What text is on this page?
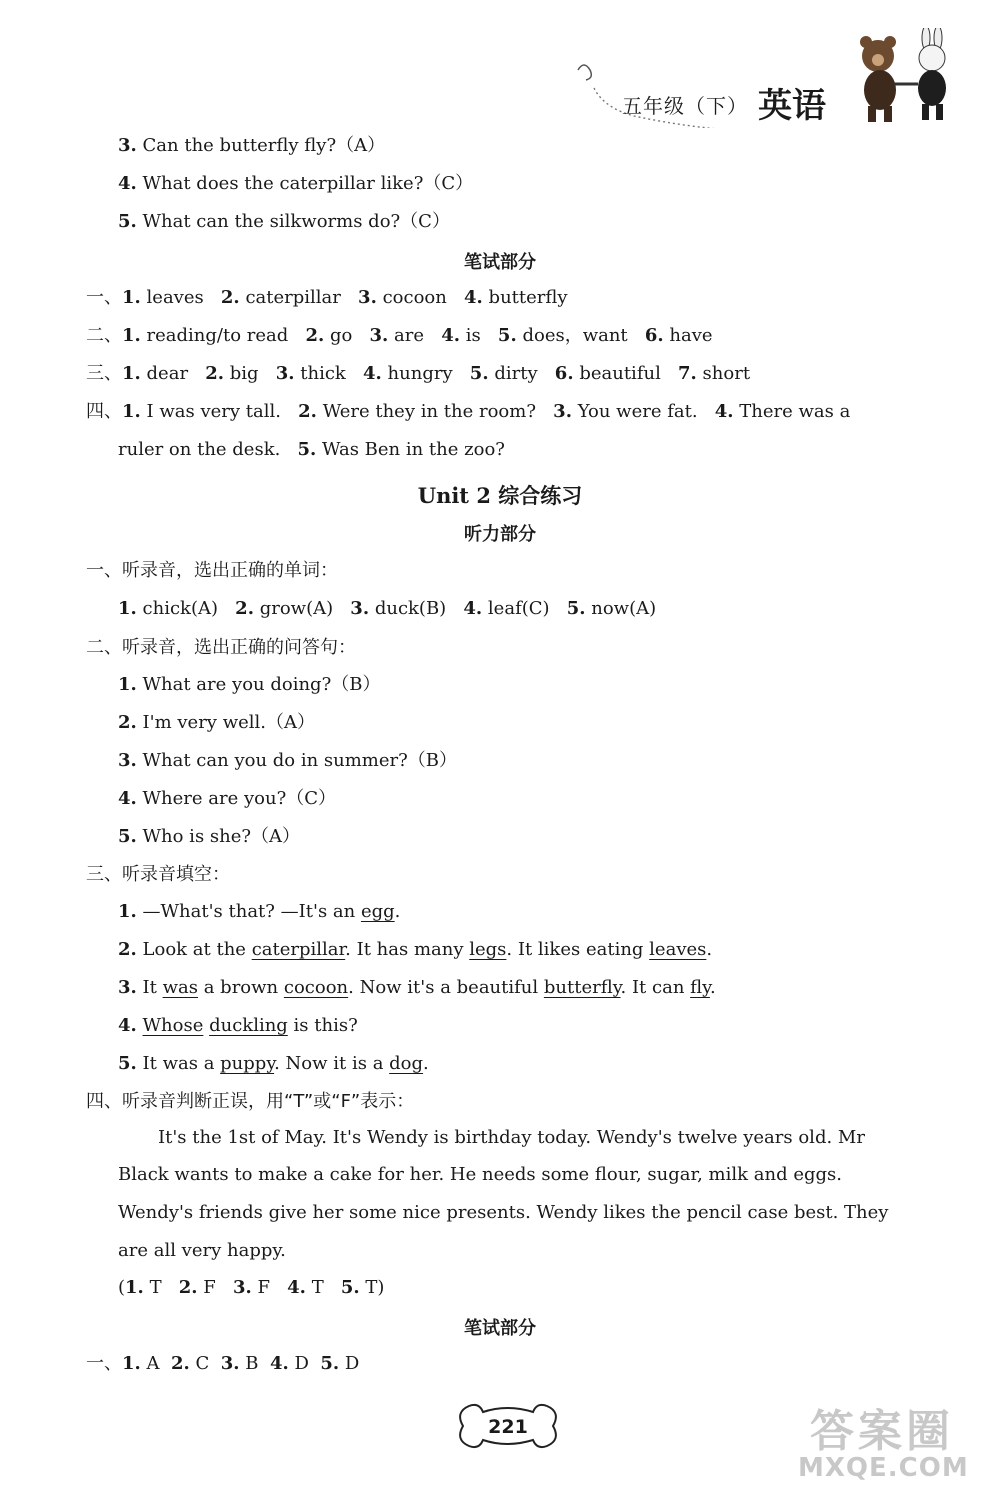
五年级（下） 英语
3. Can the butterfly fly?（A）
4. What does the caterpillar like?（C）
5. What can the silkworms do?（C）
笔试部分
一、1. leaves 2. caterpillar 3. cocoon 4. butterfly
二、1. reading/to read 2. go 3. are 4. is 5. does，want 6. have
三、1. dear 2. big 3. thick 4. hungry 5. dirty 6. beautiful 7. short
四、1. I was very tall. 2. Were they in the room? 3. You were fat. 4. There was a
ruler on the desk. 5. Was Ben in the zoo?
Unit 2 综合练习
听力部分
一、听录音，选出正确的单词：
1. chick(A) 2. grow(A) 3. duck(B) 4. leaf(C) 5. now(A)
二、听录音，选出正确的问答句：
1. What are you doing?（B）
2. I'm very well.（A）
3. What can you do in summer?（B）
4. Where are you?（C）
5. Who is she?（A）
三、听录音填空：
1. —What's that? —It's an egg.
2. Look at the caterpillar. It has many legs. It likes eating leaves.
3. It was a brown cocoon. Now it's a beautiful butterfly. It can fly.
4. Whose duckling is this?
5. It was a puppy. Now it is a dog.
四、听录音判断正误，用“T”或“F”表示：
It's the 1st of May. It's Wendy is birthday today. Wendy's twelve years old. Mr
Black wants to make a cake for her. He needs some flour, sugar, milk and eggs.
Wendy's friends give her some nice presents. Wendy likes the pencil case best. They
are all very happy.
(1. T 2. F 3. F 4. T 5. T)
笔试部分
一、1. A 2. C 3. B 4. D 5. D
221	答案圈
MXQE.COM
